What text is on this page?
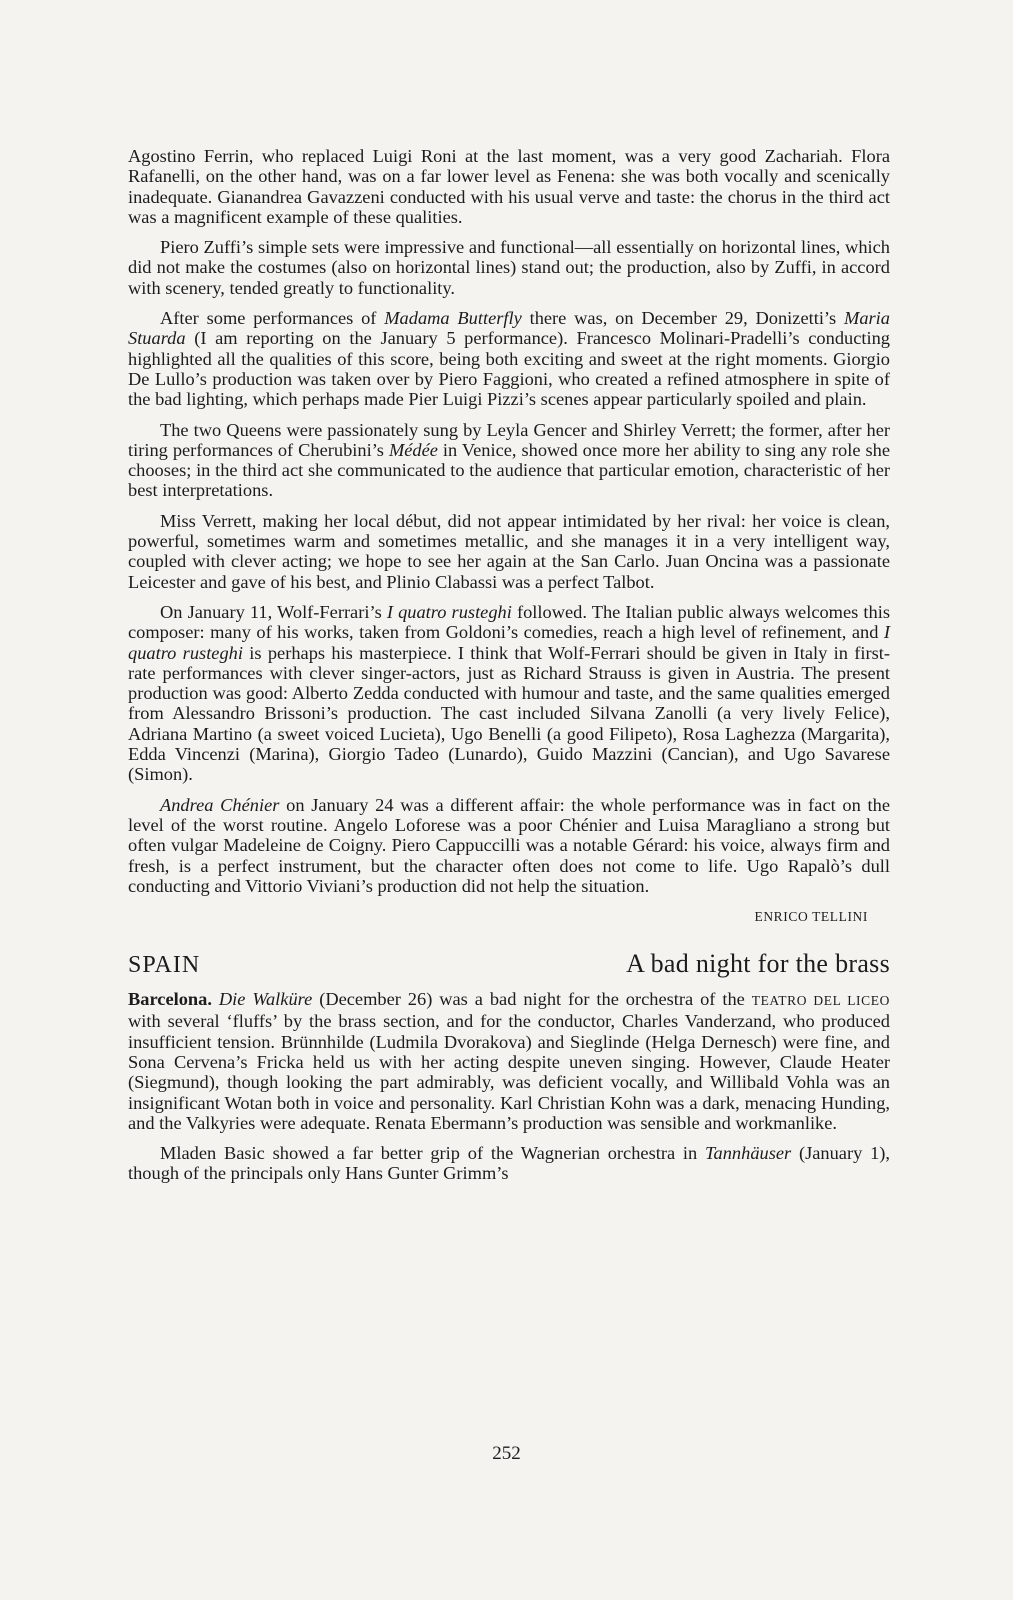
Agostino Ferrin, who replaced Luigi Roni at the last moment, was a very good Zachariah. Flora Rafanelli, on the other hand, was on a far lower level as Fenena: she was both vocally and scenically inadequate. Gianandrea Gavazzeni conducted with his usual verve and taste: the chorus in the third act was a magnificent example of these qualities.

Piero Zuffi’s simple sets were impressive and functional—all essentially on horizontal lines, which did not make the costumes (also on horizontal lines) stand out; the production, also by Zuffi, in accord with scenery, tended greatly to functionality.

After some performances of Madama Butterfly there was, on December 29, Donizetti’s Maria Stuarda (I am reporting on the January 5 performance). Francesco Molinari-Pradelli’s conducting highlighted all the qualities of this score, being both exciting and sweet at the right moments. Giorgio De Lullo’s production was taken over by Piero Faggioni, who created a refined atmosphere in spite of the bad lighting, which perhaps made Pier Luigi Pizzi’s scenes appear particularly spoiled and plain.

The two Queens were passionately sung by Leyla Gencer and Shirley Verrett; the former, after her tiring performances of Cherubini’s Médée in Venice, showed once more her ability to sing any role she chooses; in the third act she communicated to the audience that particular emotion, characteristic of her best interpretations.

Miss Verrett, making her local début, did not appear intimidated by her rival: her voice is clean, powerful, sometimes warm and sometimes metallic, and she manages it in a very intelligent way, coupled with clever acting; we hope to see her again at the San Carlo. Juan Oncina was a passionate Leicester and gave of his best, and Plinio Clabassi was a perfect Talbot.

On January 11, Wolf-Ferrari’s I quatro rusteghi followed. The Italian public always welcomes this composer: many of his works, taken from Goldoni’s comedies, reach a high level of refinement, and I quatro rusteghi is perhaps his masterpiece. I think that Wolf-Ferrari should be given in Italy in first-rate performances with clever singer-actors, just as Richard Strauss is given in Austria. The present production was good: Alberto Zedda conducted with humour and taste, and the same qualities emerged from Alessandro Brissoni’s production. The cast included Silvana Zanolli (a very lively Felice), Adriana Martino (a sweet voiced Lucieta), Ugo Benelli (a good Filipeto), Rosa Laghezza (Margarita), Edda Vincenzi (Marina), Giorgio Tadeo (Lunardo), Guido Mazzini (Cancian), and Ugo Savarese (Simon).

Andrea Chénier on January 24 was a different affair: the whole performance was in fact on the level of the worst routine. Angelo Loforese was a poor Chénier and Luisa Maragliano a strong but often vulgar Madeleine de Coigny. Piero Cappuccilli was a notable Gérard: his voice, always firm and fresh, is a perfect instrument, but the character often does not come to life. Ugo Rapalò’s dull conducting and Vittorio Viviani’s production did not help the situation.

ENRICO TELLINI
SPAIN	A bad night for the brass

Barcelona. Die Walküre (December 26) was a bad night for the orchestra of the TEATRO DEL LICEO with several ‘fluffs’ by the brass section, and for the conductor, Charles Vanderzand, who produced insufficient tension. Brünnhilde (Ludmila Dvorakova) and Sieglinde (Helga Dernesch) were fine, and Sona Cervena’s Fricka held us with her acting despite uneven singing. However, Claude Heater (Siegmund), though looking the part admirably, was deficient vocally, and Willibald Vohla was an insignificant Wotan both in voice and personality. Karl Christian Kohn was a dark, menacing Hunding, and the Valkyries were adequate. Renata Ebermann’s production was sensible and workmanlike.

Mladen Basic showed a far better grip of the Wagnerian orchestra in Tannhäuser (January 1), though of the principals only Hans Gunter Grimm’s

252
